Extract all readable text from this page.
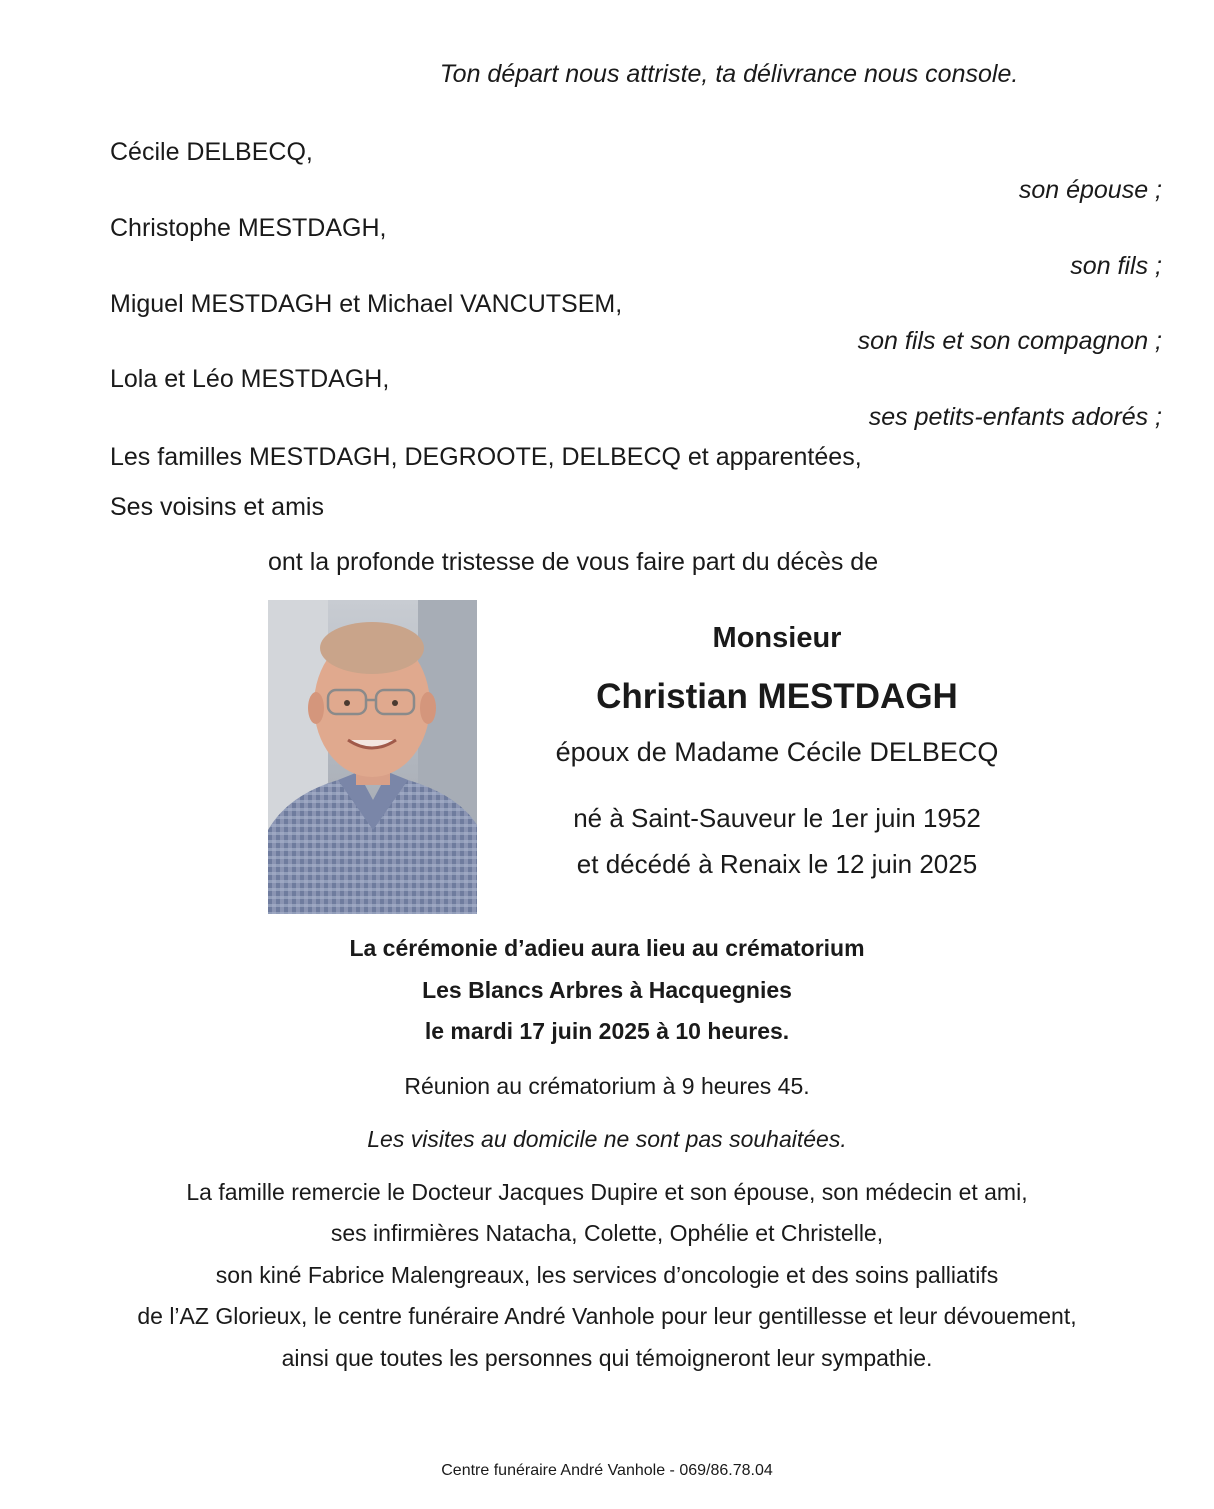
Ton départ nous attriste, ta délivrance nous console.
Cécile DELBECQ,
son épouse ;
Christophe MESTDAGH,
son fils ;
Miguel MESTDAGH et Michael VANCUTSEM,
son fils et son compagnon ;
Lola et Léo MESTDAGH,
ses petits-enfants adorés ;
Les familles MESTDAGH, DEGROOTE, DELBECQ et apparentées,
Ses voisins et amis
ont la profonde tristesse de vous faire part du décès de
Monsieur
Christian MESTDAGH
époux de Madame Cécile DELBECQ
né à Saint-Sauveur le 1er juin 1952
et décédé à Renaix le 12 juin 2025
La cérémonie d’adieu aura lieu au crématorium
Les Blancs Arbres à Hacquegnies
le mardi 17 juin 2025 à 10 heures.
Réunion au crématorium à 9 heures 45.
Les visites au domicile ne sont pas souhaitées.
La famille remercie le Docteur Jacques Dupire et son épouse, son médecin et ami,
ses infirmières Natacha, Colette, Ophélie et Christelle,
son kiné Fabrice Malengreaux, les services d’oncologie et des soins palliatifs
de l’AZ Glorieux, le centre funéraire André Vanhole pour leur gentillesse et leur dévouement,
ainsi que toutes les personnes qui témoigneront leur sympathie.
Centre funéraire André Vanhole - 069/86.78.04
